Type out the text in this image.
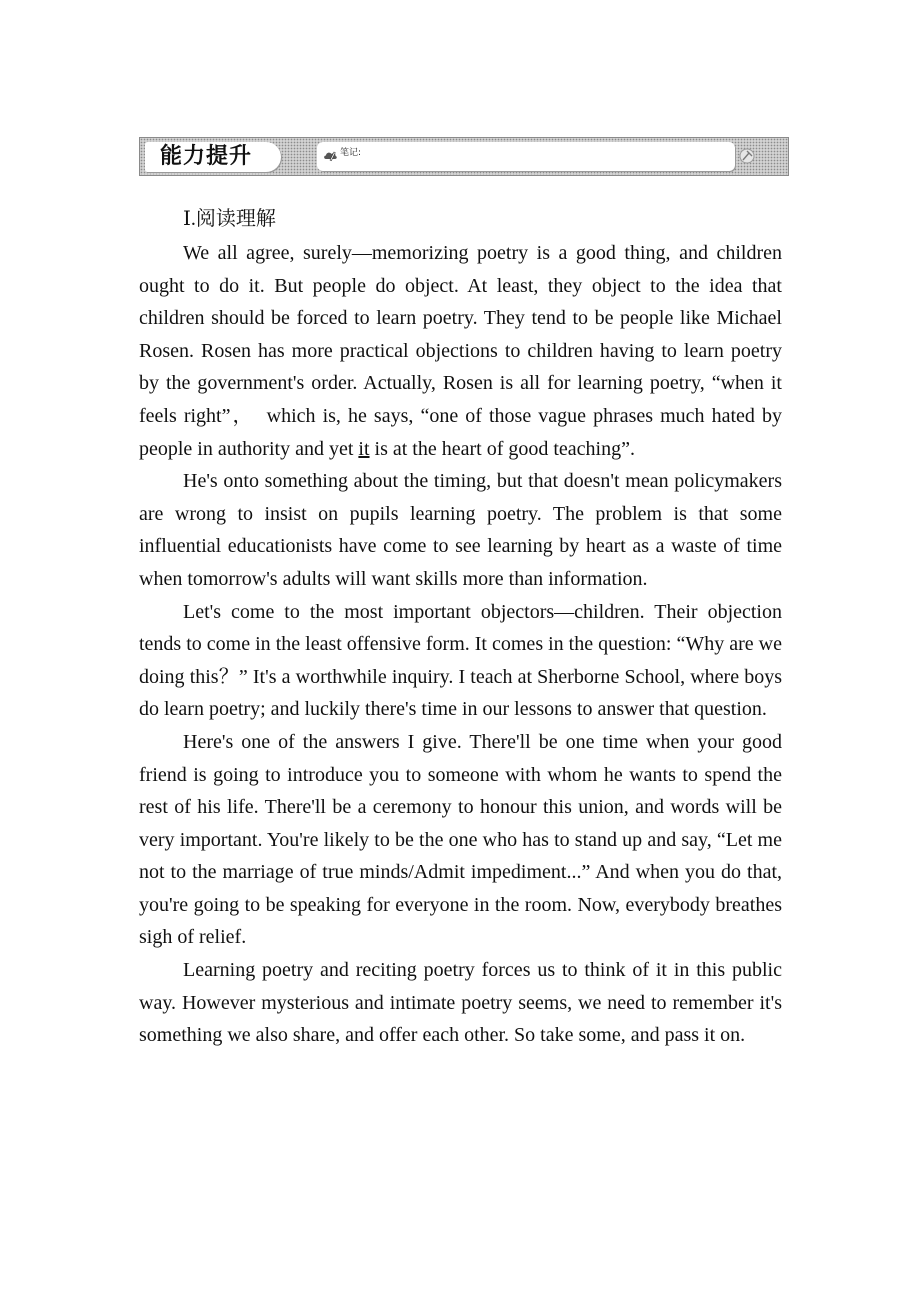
能力提升	笔记:
Ⅰ.阅读理解

We all agree, surely—memorizing poetry is a good thing, and children ought to do it. But people do object. At least, they object to the idea that children should be forced to learn poetry. They tend to be people like Michael Rosen. Rosen has more practical objections to children having to learn poetry by the government's order. Actually, Rosen is all for learning poetry, “when it feels right”，　which is, he says, “one of those vague phrases much hated by people in authority and yet it is at the heart of good teaching”.

He's onto something about the timing, but that doesn't mean policymakers are wrong to insist on pupils learning poetry. The problem is that some influential educationists have come to see learning by heart as a waste of time when tomorrow's adults will want skills more than information.

Let's come to the most important objectors—children. Their objection tends to come in the least offensive form. It comes in the question: “Why are we doing this？” It's a worthwhile inquiry. I teach at Sherborne School, where boys do learn poetry; and luckily there's time in our lessons to answer that question.

Here's one of the answers I give. There'll be one time when your good friend is going to introduce you to someone with whom he wants to spend the rest of his life. There'll be a ceremony to honour this union, and words will be very important. You're likely to be the one who has to stand up and say, “Let me not to the marriage of true minds/Admit impediment...” And when you do that, you're going to be speaking for everyone in the room. Now, everybody breathes sigh of relief.

Learning poetry and reciting poetry forces us to think of it in this public way. However mysterious and intimate poetry seems, we need to remember it's something we also share, and offer each other. So take some, and pass it on.
